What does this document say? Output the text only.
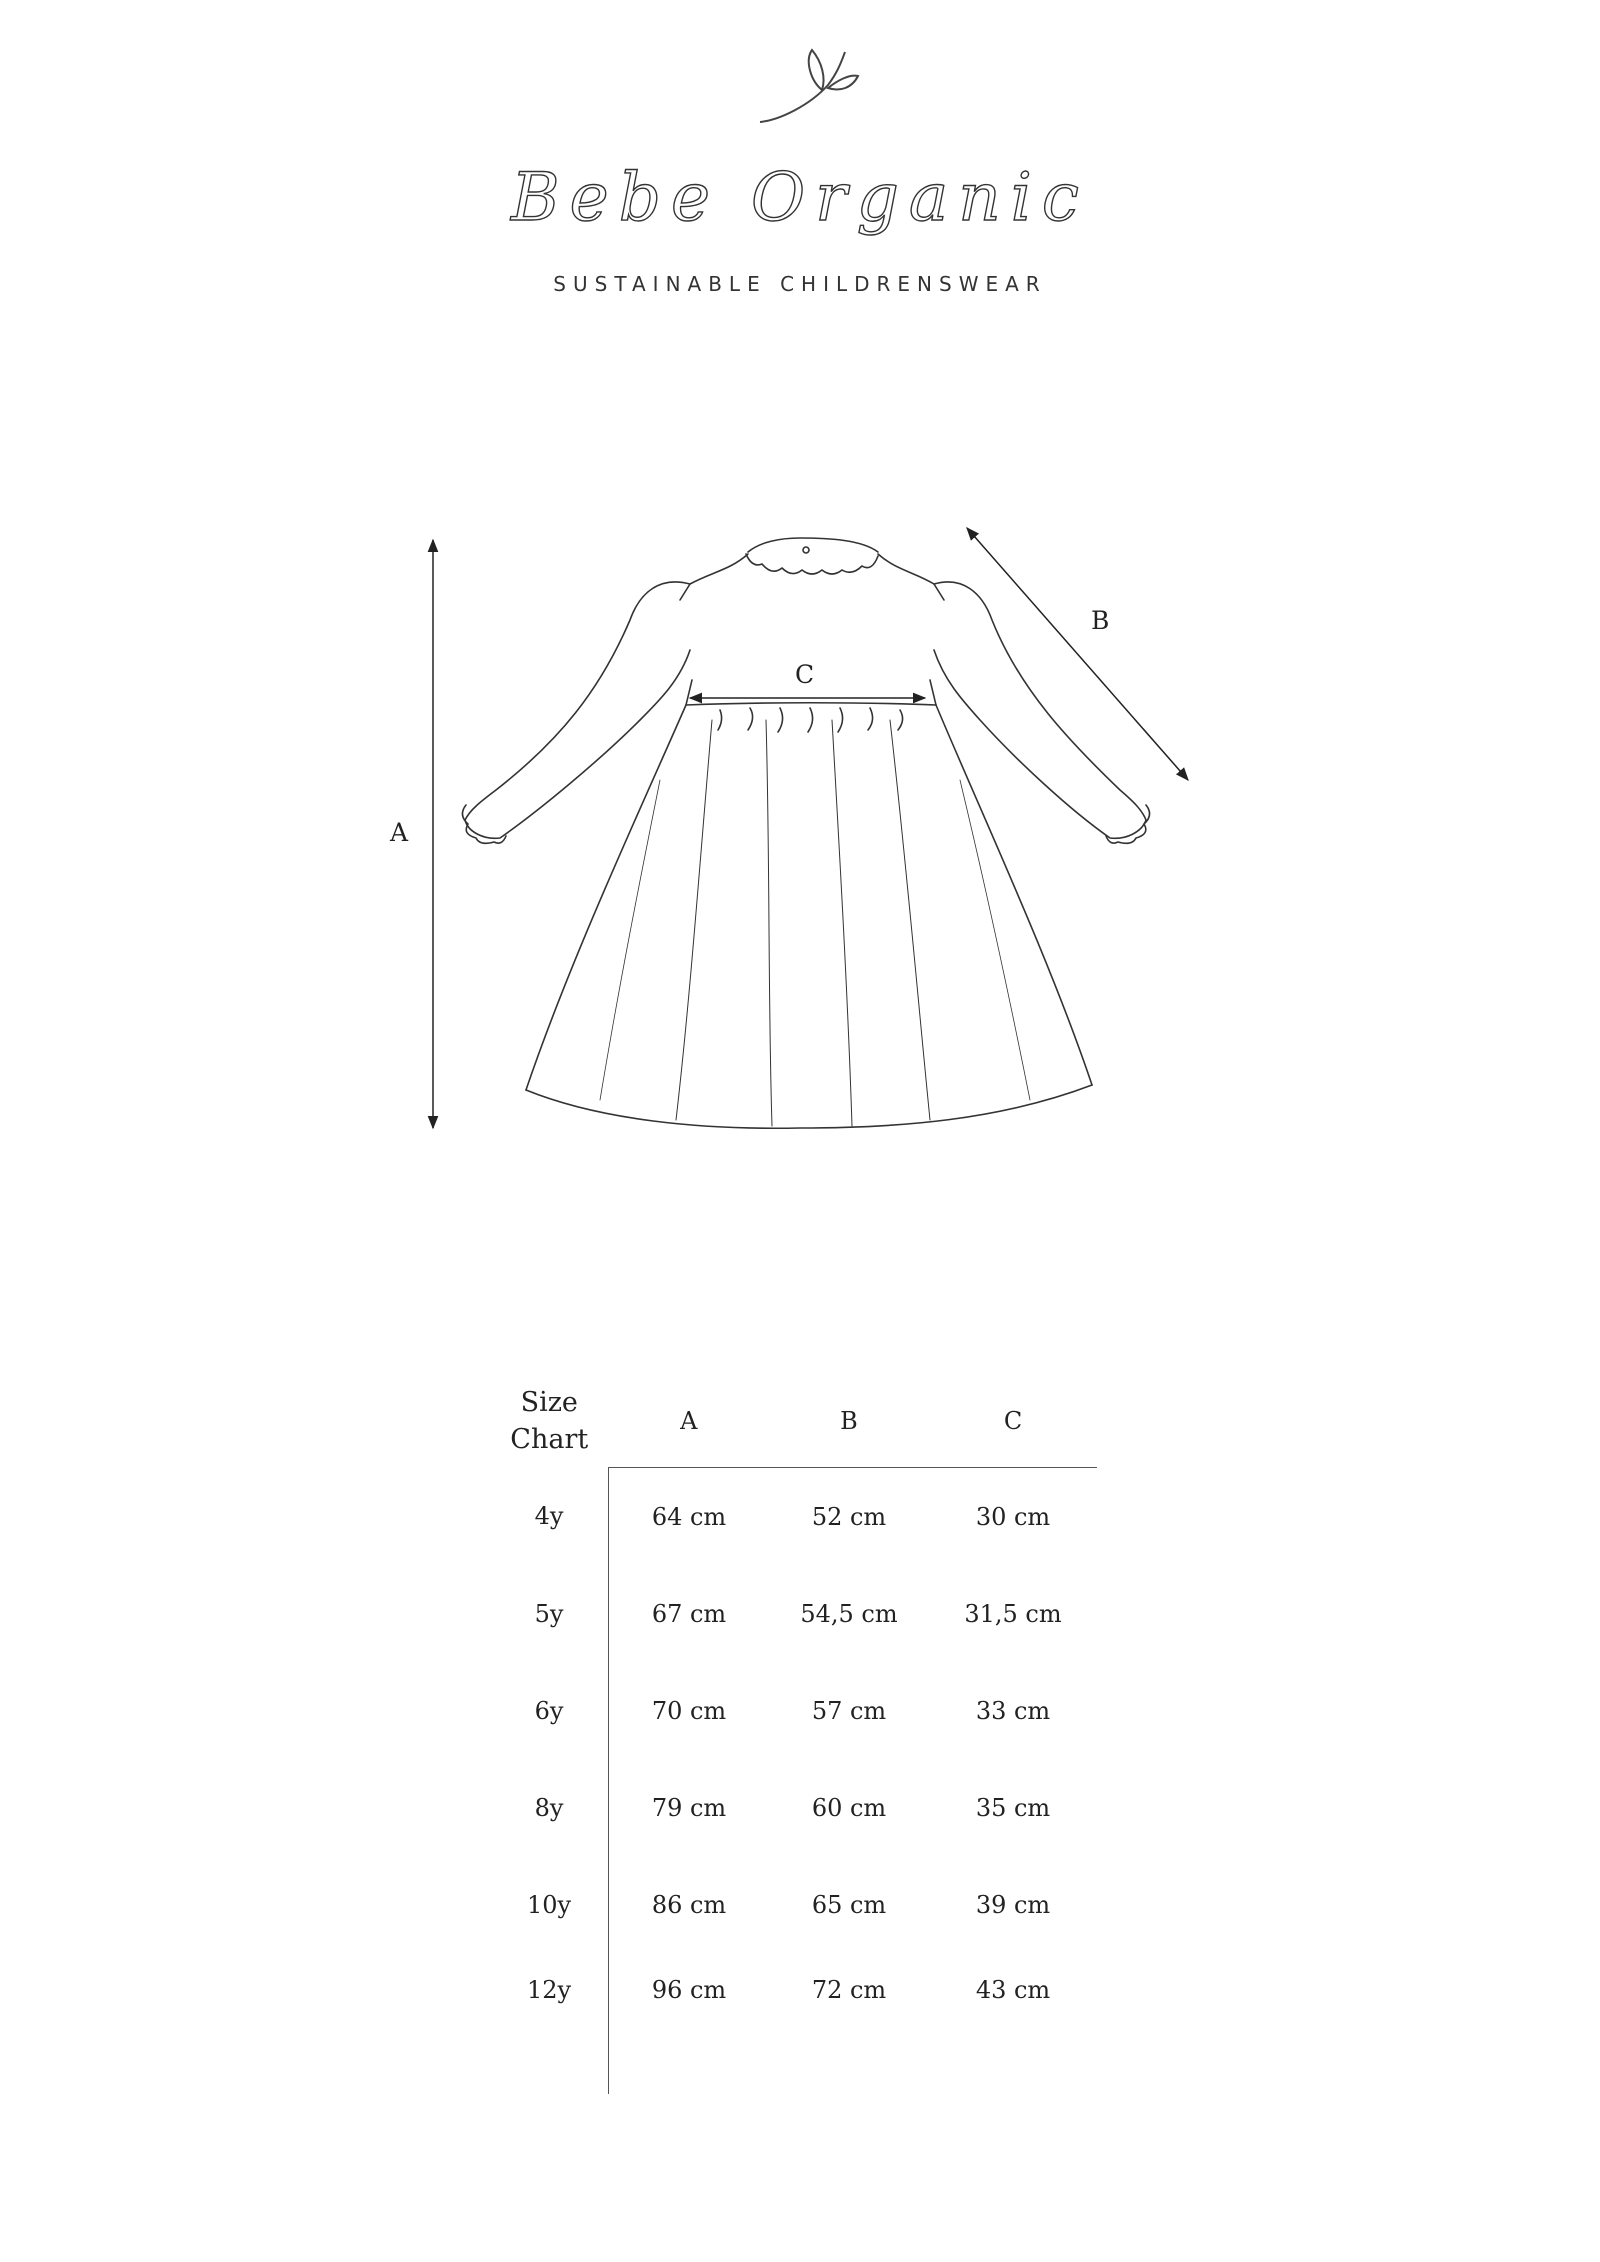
Bebe Organic
SUSTAINABLE CHILDRENSWEAR
A
B
C
Size Chart	A	B	C
4y	64 cm	52 cm	30 cm
5y	67 cm	54,5 cm	31,5 cm
6y	70 cm	57 cm	33 cm
8y	79 cm	60 cm	35 cm
10y	86 cm	65 cm	39 cm
12y	96 cm	72 cm	43 cm
